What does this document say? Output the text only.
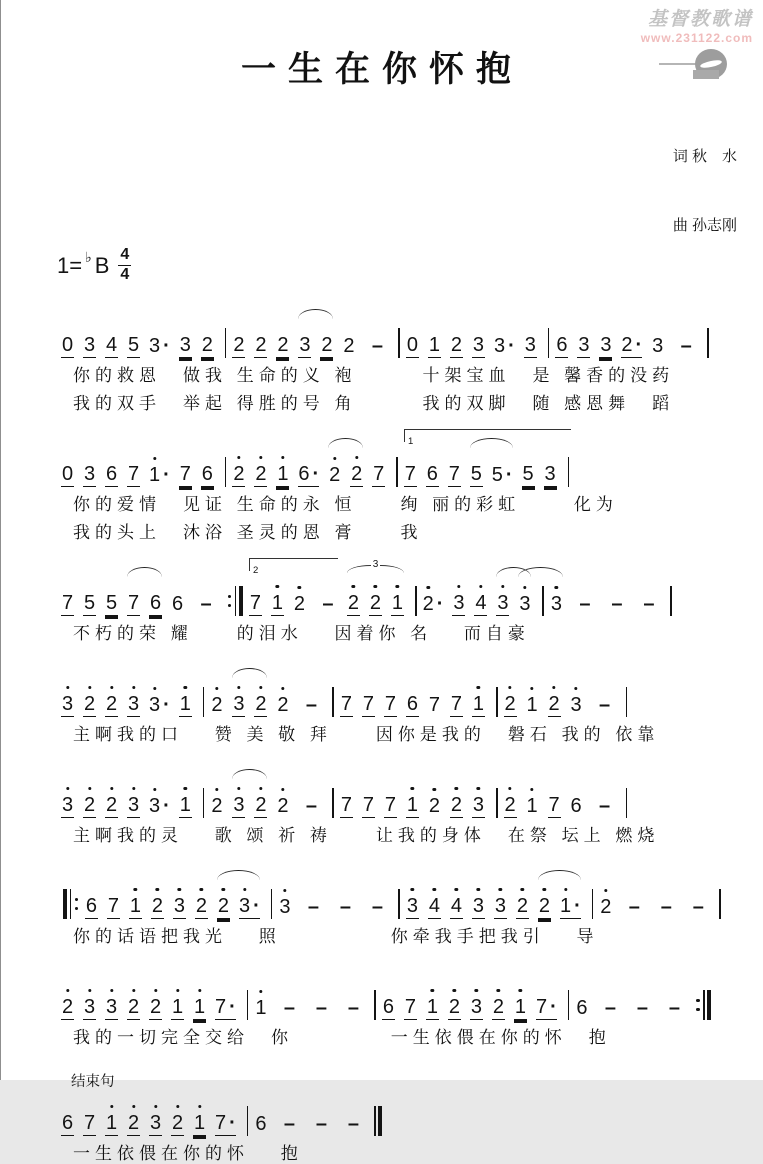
基督教歌谱
www.231122.com
一生在你怀抱
1= ♭ B $\frac{4}{4}$

词 秋　水

曲 孙志刚

0 3 4 5 3 · 3 2 2 2 2 3 2 2 – 0 1 2 3 3 · 3 6 3 3 2 · 3 –
你的救恩　做我 生命的义 袍　　　十架宝血　是 馨香的没药
我的双手　举起 得胜的号 角　　　我的双脚　随 感恩舞　蹈
0 3 6 7 1 · 7 6 2 2 1 6 · 2 2 7 7 6 7 5 5 · 5 3
1
你的爱情　见证 生命的永 恒　　绚 丽的彩虹　　 化为
我的头上　沐浴 圣灵的恩 膏　　我
7 5 5 7 6 6 – 7 1 2 – 2 2 1 2 · 3 4 3 3 3 – – –
2
3
不朽的荣 耀　　的泪水　 因着你 名　 而自豪
3 2 2 3 3 · 1 2 3 2 2 – 7 7 7 6 7 7 1 2 1 2 3 –
主啊我的口　 赞 美 敬 拜　　因你是我的　磐石 我的 依靠
3 2 2 3 3 · 1 2 3 2 2 – 7 7 7 1 2 2 3 2 1 7 6 –
主啊我的灵　 歌 颂 祈 祷　　让我的身体　在祭 坛上 燃烧
6 7 1 2 3 2 2 3 · 3 – – – 3 4 4 3 3 2 2 1 · 2 – – –
你的话语把我光　 照　　　　　你牵我手把我引　 导
2 3 3 2 2 1 1 7 · 1 – – – 6 7 1 2 3 2 1 7 · 6 – – –
我的一切完全交给　你　　　　 一生依偎在你的怀　抱
结束句
6 7 1 2 3 2 1 7 · 6 – – –
一生依偎在你的怀　 抱
